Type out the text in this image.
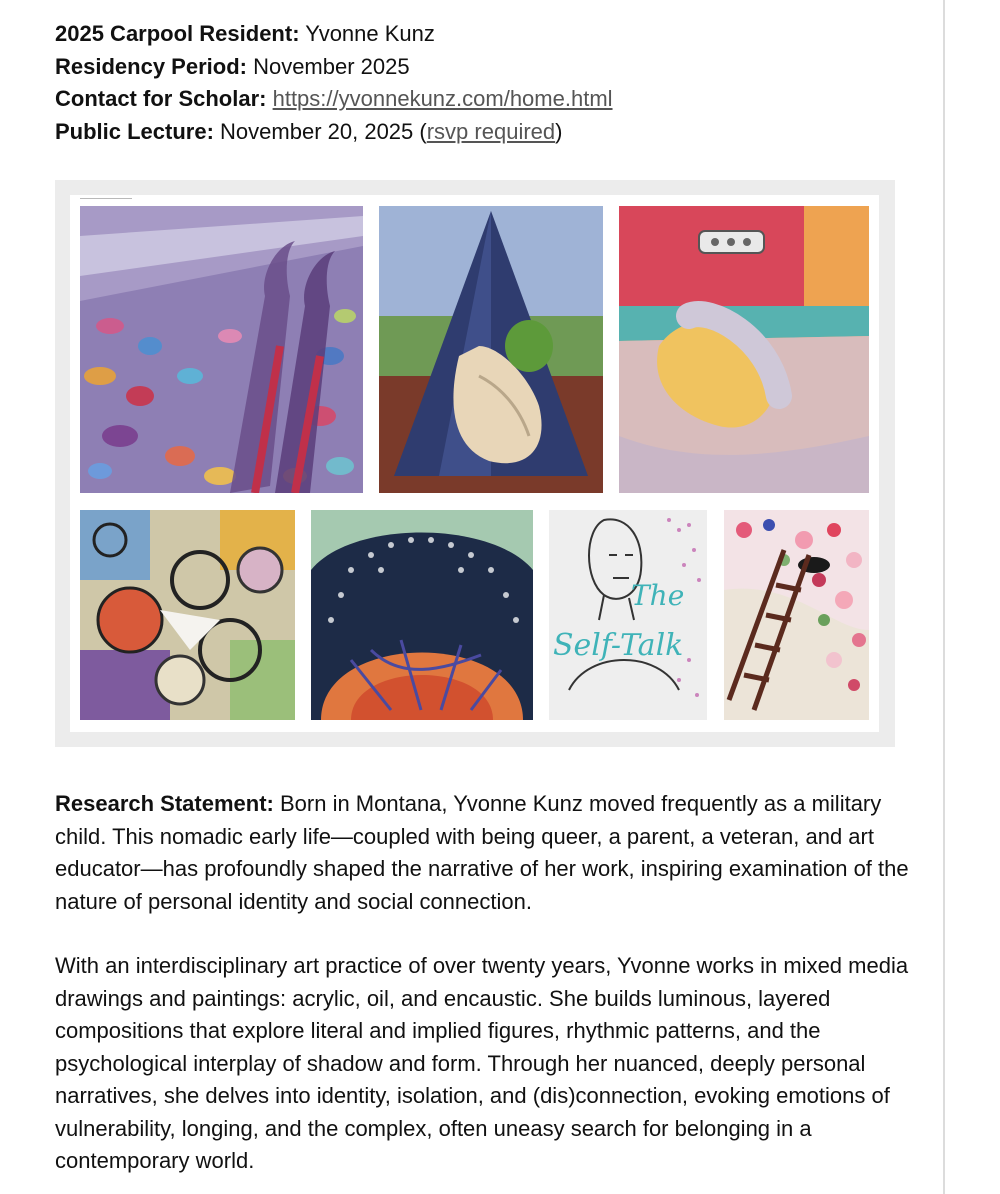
2025 Carpool Resident: Yvonne Kunz
Residency Period: November 2025
Contact for Scholar: https://yvonnekunz.com/home.html
Public Lecture: November 20, 2025 (rsvp required)
The
Self-Talk
Research Statement: Born in Montana, Yvonne Kunz moved frequently as a military child. This nomadic early life—coupled with being queer, a parent, a veteran, and art educator—has profoundly shaped the narrative of her work, inspiring examination of the nature of personal identity and social connection.
With an interdisciplinary art practice of over twenty years, Yvonne works in mixed media drawings and paintings: acrylic, oil, and encaustic. She builds luminous, layered compositions that explore literal and implied figures, rhythmic patterns, and the psychological interplay of shadow and form. Through her nuanced, deeply personal narratives, she delves into identity, isolation, and (dis)connection, evoking emotions of vulnerability, longing, and the complex, often uneasy search for belonging in a contemporary world.
